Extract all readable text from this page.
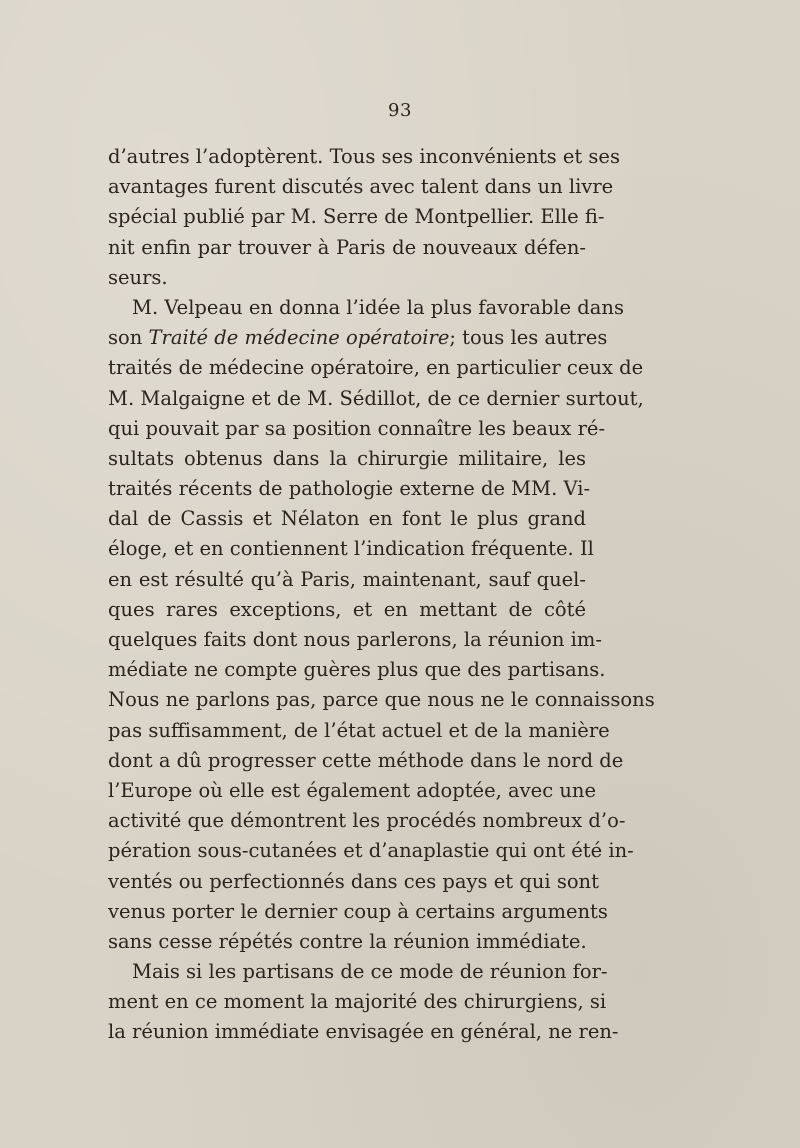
93
d’autres l’adoptèrent. Tous ses inconvénients et ses
avantages furent discutés avec talent dans un livre
spécial publié par M. Serre de Montpellier. Elle fi-
nit enfin par trouver à Paris de nouveaux défen-
seurs.
M. Velpeau en donna l’idée la plus favorable dans
son Traité de médecine opératoire; tous les autres
traités de médecine opératoire, en particulier ceux de
M. Malgaigne et de M. Sédillot, de ce dernier surtout,
qui pouvait par sa position connaître les beaux ré-
sultats obtenus dans la chirurgie militaire, les
traités récents de pathologie externe de MM. Vi-
dal de Cassis et Nélaton en font le plus grand
éloge, et en contiennent l’indication fréquente. Il
en est résulté qu’à Paris, maintenant, sauf quel-
ques rares exceptions, et en mettant de côté
quelques faits dont nous parlerons, la réunion im-
médiate ne compte guères plus que des partisans.
Nous ne parlons pas, parce que nous ne le connaissons
pas suffisamment, de l’état actuel et de la manière
dont a dû progresser cette méthode dans le nord de
l’Europe où elle est également adoptée, avec une
activité que démontrent les procédés nombreux d’o-
pération sous-cutanées et d’anaplastie qui ont été in-
ventés ou perfectionnés dans ces pays et qui sont
venus porter le dernier coup à certains arguments
sans cesse répétés contre la réunion immédiate.
Mais si les partisans de ce mode de réunion for-
ment en ce moment la majorité des chirurgiens, si
la réunion immédiate envisagée en général, ne ren-
